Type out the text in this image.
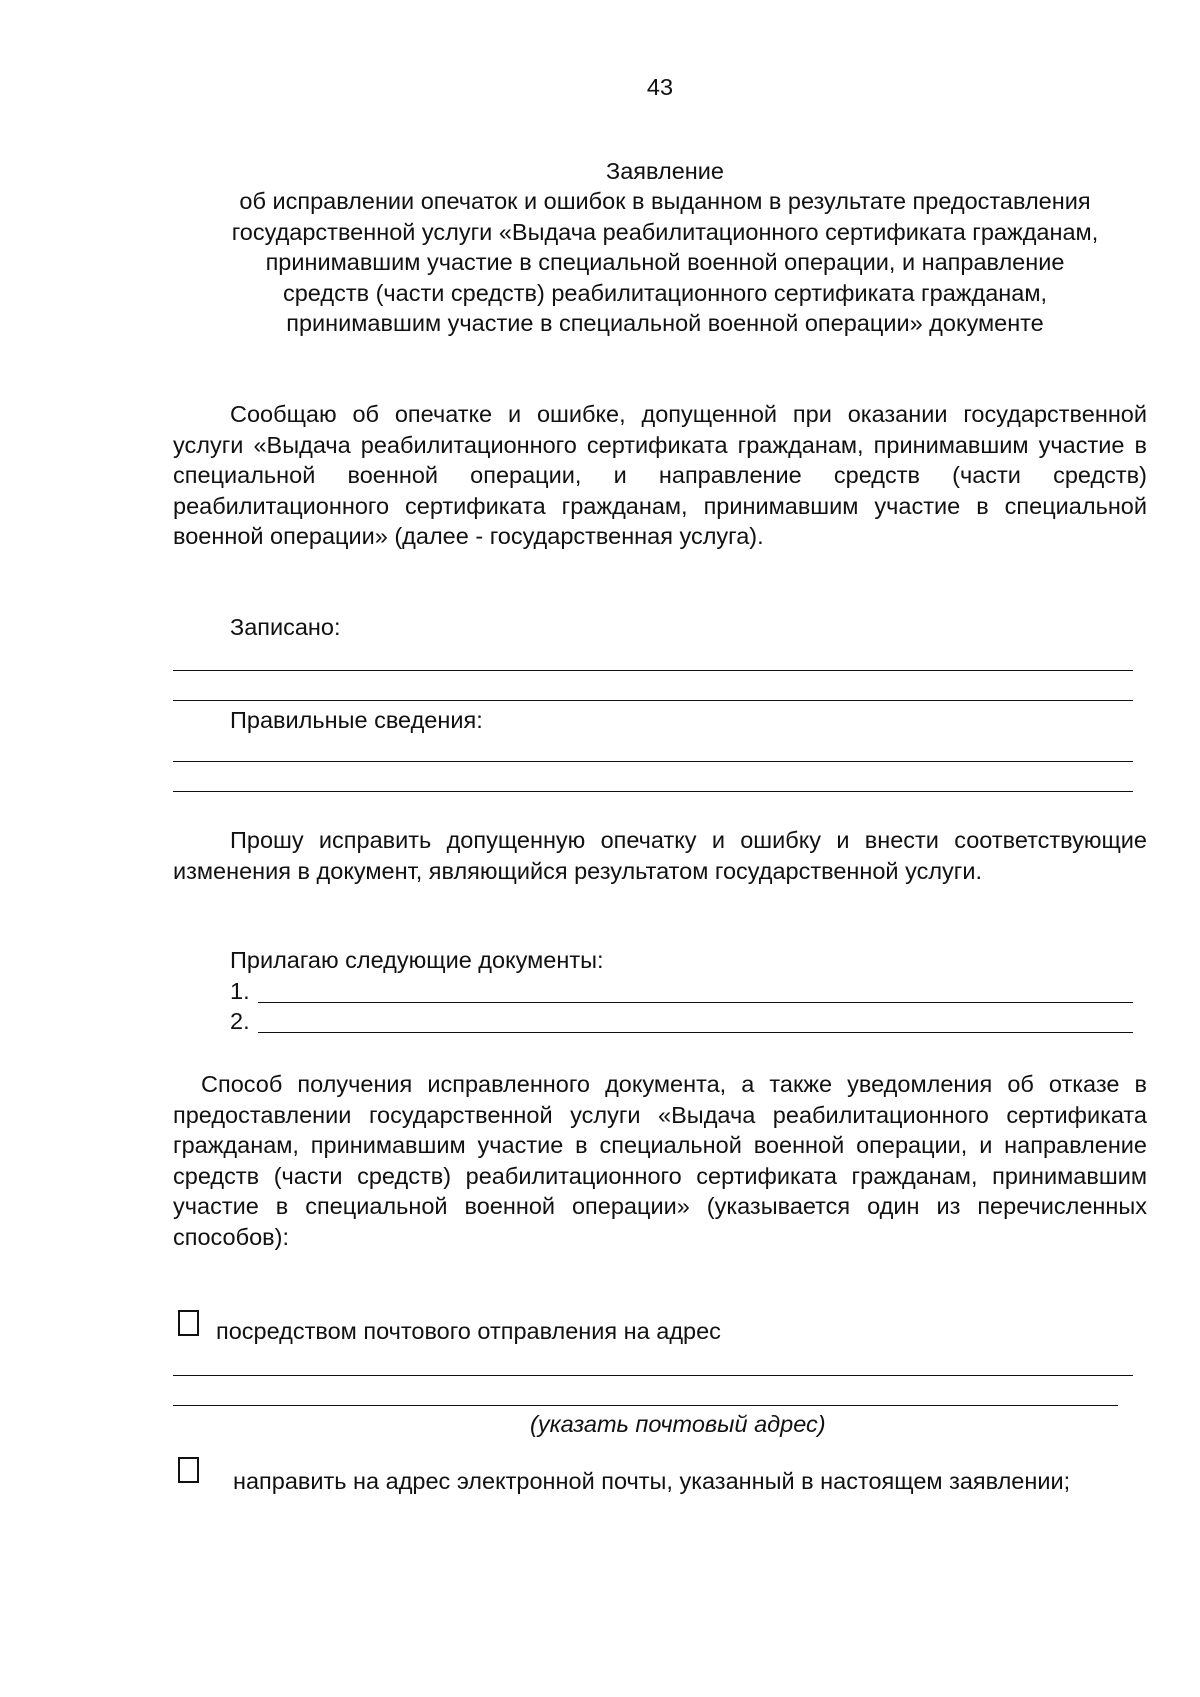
43
Заявление
об исправлении опечаток и ошибок в выданном в результате предоставления
государственной услуги «Выдача реабилитационного сертификата гражданам,
принимавшим участие в специальной военной операции, и направление
средств (части средств) реабилитационного сертификата гражданам,
принимавшим участие в специальной военной операции» документе
Сообщаю об опечатке и ошибке, допущенной при оказании государственной услуги «Выдача реабилитационного сертификата гражданам, принимавшим участие в специальной военной операции, и направление средств (части средств) реабилитационного сертификата гражданам, принимавшим участие в специальной военной операции» (далее - государственная услуга).
Записано:
Правильные сведения:
Прошу исправить допущенную опечатку и ошибку и внести соответствующие изменения в документ, являющийся результатом государственной услуги.
Прилагаю следующие документы:
1.
2.
Способ получения исправленного документа, а также уведомления об отказе в предоставлении государственной услуги «Выдача реабилитационного сертификата гражданам, принимавшим участие в специальной военной операции, и направление средств (части средств) реабилитационного сертификата гражданам, принимавшим участие в специальной военной операции» (указывается один из перечисленных способов):
посредством почтового отправления на адрес
(указать почтовый адрес)
направить на адрес электронной почты, указанный в настоящем заявлении;
